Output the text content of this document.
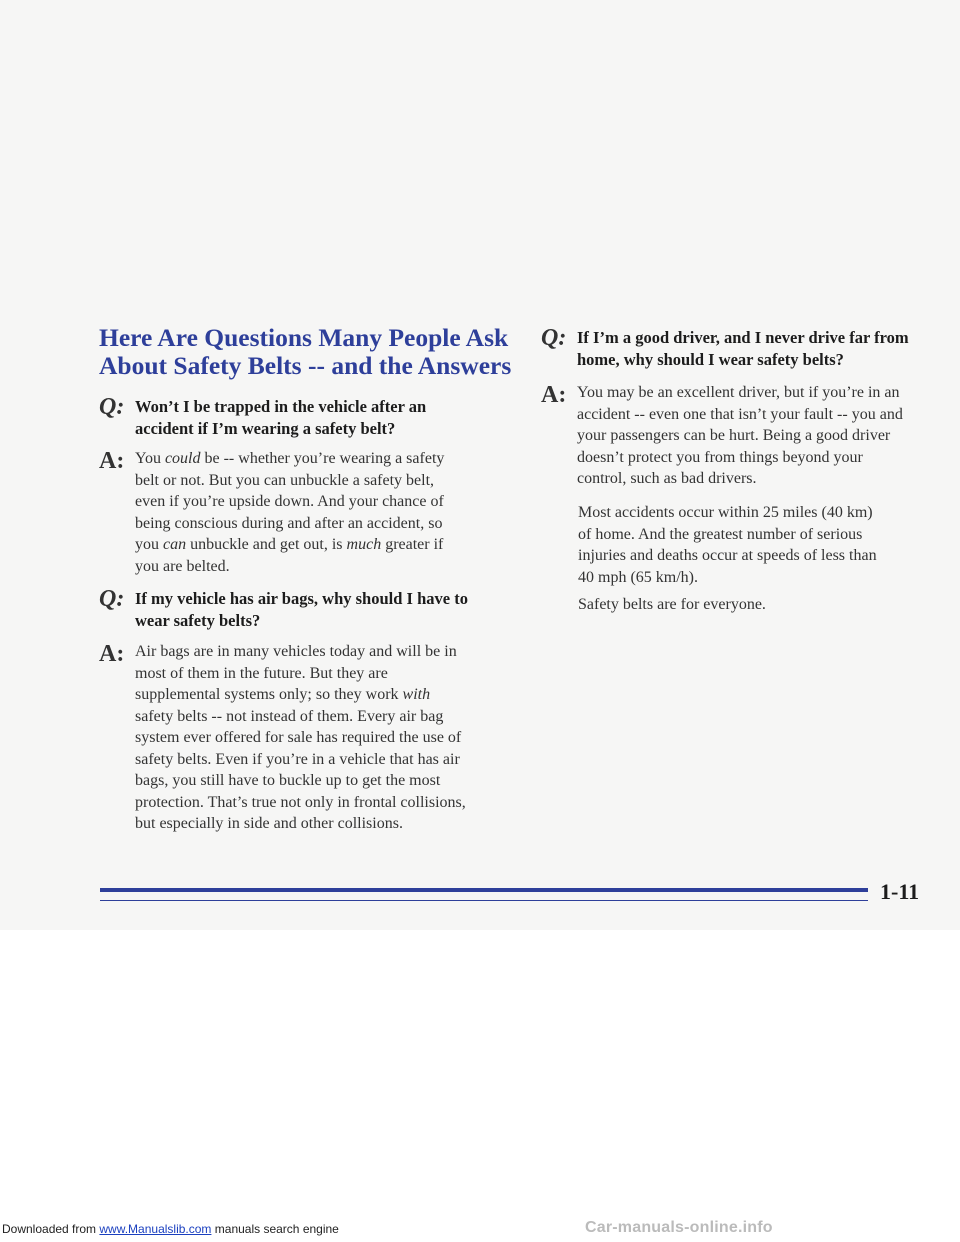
Here Are Questions Many People Ask
About Safety Belts -- and the Answers
Q: Won’t I be trapped in the vehicle after an
accident if I’m wearing a safety belt?
A: You could be -- whether you’re wearing a safety
belt or not. But you can unbuckle a safety belt,
even if you’re upside down. And your chance of
being conscious during and after an accident, so
you can unbuckle and get out, is much greater if
you are belted.
Q: If my vehicle has air bags, why should I have to
wear safety belts?
A: Air bags are in many vehicles today and will be in
most of them in the future. But they are
supplemental systems only; so they work with
safety belts -- not instead of them. Every air bag
system ever offered for sale has required the use of
safety belts. Even if you’re in a vehicle that has air
bags, you still have to buckle up to get the most
protection. That’s true not only in frontal collisions,
but especially in side and other collisions.
Q: If I’m a good driver, and I never drive far from
home, why should I wear safety belts?
A: You may be an excellent driver, but if you’re in an
accident -- even one that isn’t your fault -- you and
your passengers can be hurt. Being a good driver
doesn’t protect you from things beyond your
control, such as bad drivers.
Most accidents occur within 25 miles (40 km)
of home. And the greatest number of serious
injuries and deaths occur at speeds of less than
40 mph (65 km/h).
Safety belts are for everyone.
1-11
Downloaded from www.Manualslib.com manuals search engine	Car-manuals-online.info
